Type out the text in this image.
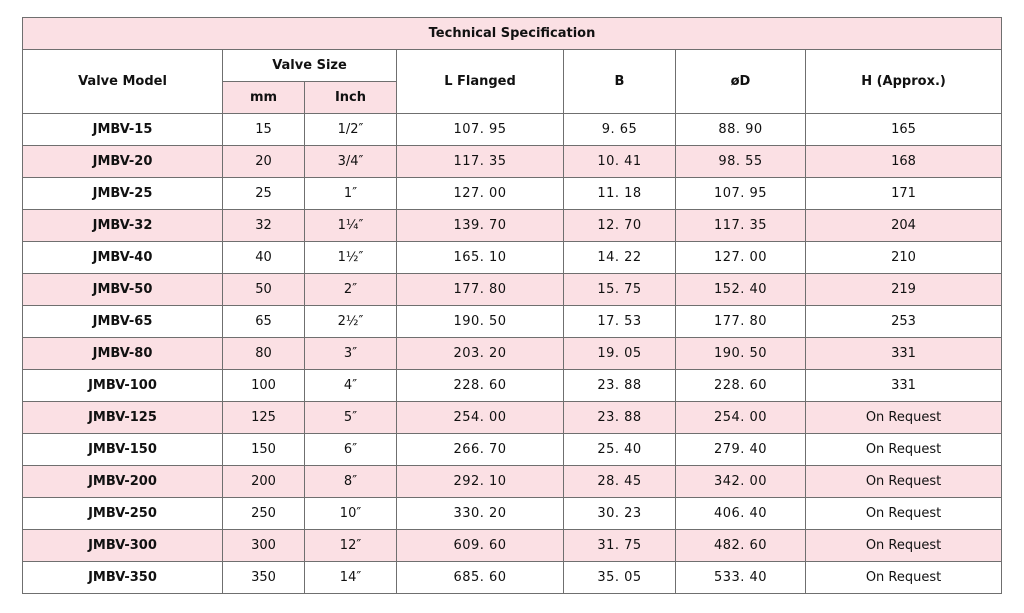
Technical Specification						
Valve Model	Valve Size		L Flanged	B	øD	H (Approx.)
	mm	Inch				
JMBV-15	15	1/2″	107. 95	9. 65	88. 90	165
JMBV-20	20	3/4″	117. 35	10. 41	98. 55	168
JMBV-25	25	1″	127. 00	11. 18	107. 95	171
JMBV-32	32	1¼″	139. 70	12. 70	117. 35	204
JMBV-40	40	1½″	165. 10	14. 22	127. 00	210
JMBV-50	50	2″	177. 80	15. 75	152. 40	219
JMBV-65	65	2½″	190. 50	17. 53	177. 80	253
JMBV-80	80	3″	203. 20	19. 05	190. 50	331
JMBV-100	100	4″	228. 60	23. 88	228. 60	331
JMBV-125	125	5″	254. 00	23. 88	254. 00	On Request
JMBV-150	150	6″	266. 70	25. 40	279. 40	On Request
JMBV-200	200	8″	292. 10	28. 45	342. 00	On Request
JMBV-250	250	10″	330. 20	30. 23	406. 40	On Request
JMBV-300	300	12″	609. 60	31. 75	482. 60	On Request
JMBV-350	350	14″	685. 60	35. 05	533. 40	On Request
